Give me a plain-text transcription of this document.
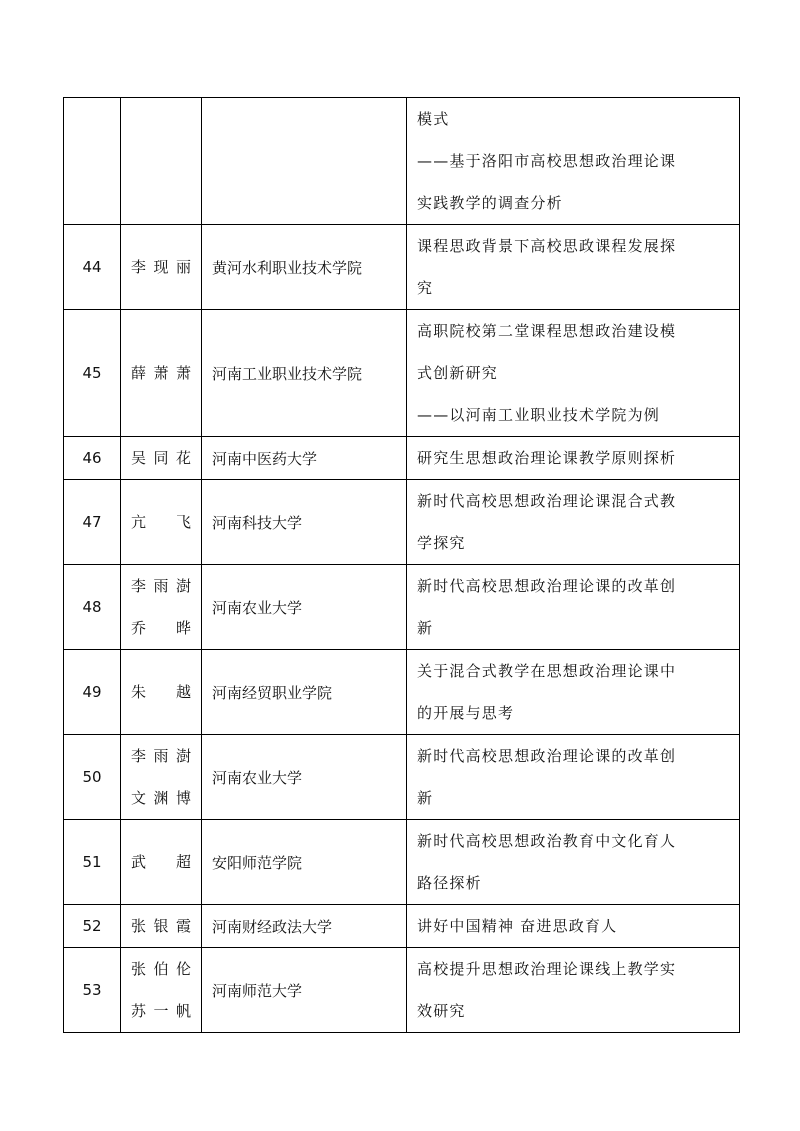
			模式
——基于洛阳市高校思想政治理论课
实践教学的调查分析

44	李现丽	黄河水利职业技术学院	课程思政背景下高校思政课程发展探
究

45	薛萧萧	河南工业职业技术学院	高职院校第二堂课程思想政治建设模
式创新研究
——以河南工业职业技术学院为例

46	吴同花	河南中医药大学	研究生思想政治理论课教学原则探析

47	亢 飞	河南科技大学	新时代高校思想政治理论课混合式教
学探究

48	李雨澍
乔 晔	河南农业大学	新时代高校思想政治理论课的改革创
新

49	朱 越	河南经贸职业学院	关于混合式教学在思想政治理论课中
的开展与思考

50	李雨澍
文渊博	河南农业大学	新时代高校思想政治理论课的改革创
新

51	武 超	安阳师范学院	新时代高校思想政治教育中文化育人
路径探析

52	张银霞	河南财经政法大学	讲好中国精神 奋进思政育人

53	张伯伦
苏一帆	河南师范大学	高校提升思想政治理论课线上教学实
效研究
